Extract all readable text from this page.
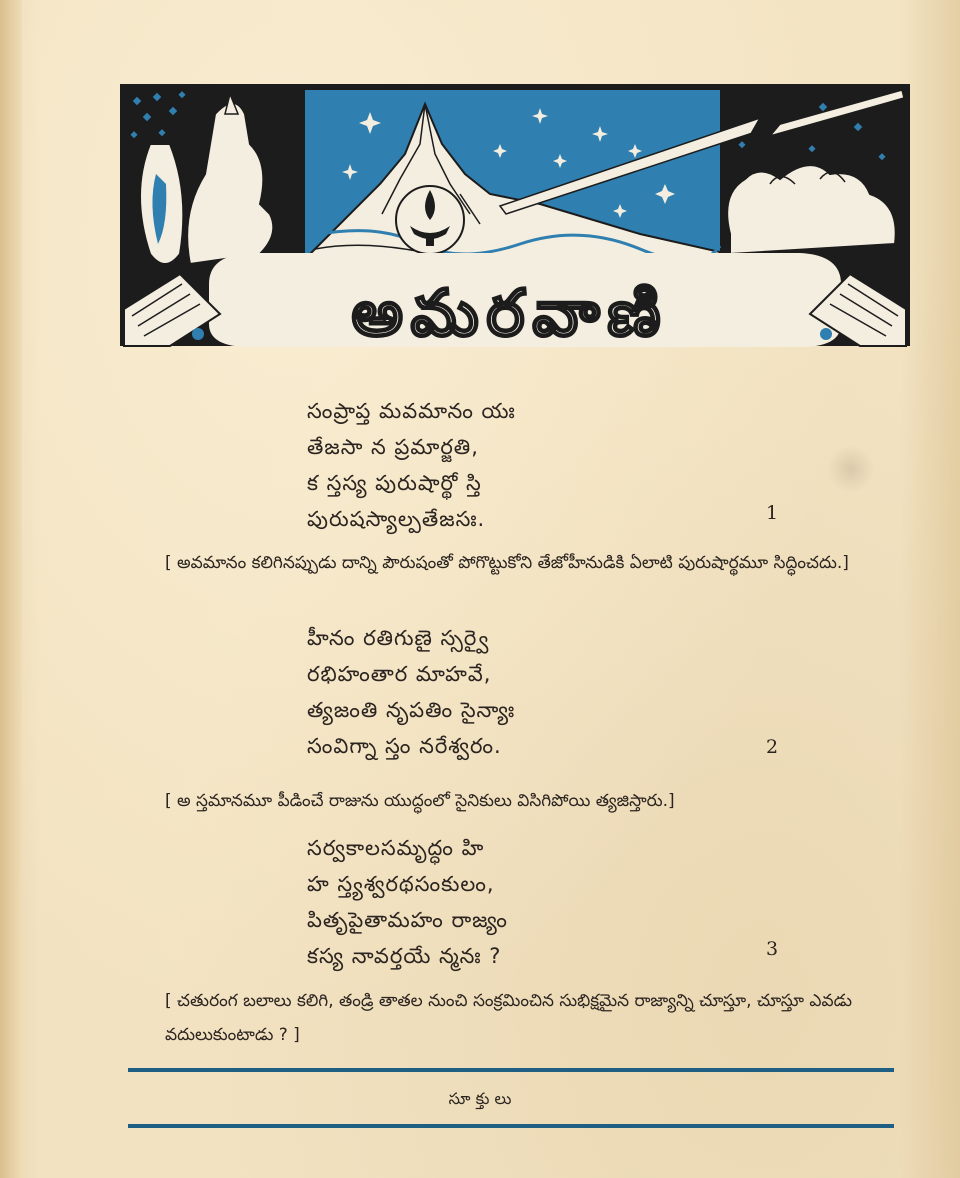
అమరవాణి
సంప్రాప్త మవమానం యః
తేజసా న ప్రమార్జతి,
క స్తస్య పురుషార్థో స్తి
పురుషస్యాల్పతేజసః.	1
[ అవమానం కలిగినప్పుడు దాన్ని పౌరుషంతో పోగొట్టుకోని తేజోహీనుడికి ఏలాటి పురుషార్థమూ సిద్ధించదు.]
హీనం రతిగుణై స్సర్వై
రభిహంతార మాహవే,
త్యజంతి నృపతిం సైన్యాః
సంవిగ్నా స్తం నరేశ్వరం.	2
[ అ స్తమానమూ పీడించే రాజును యుద్ధంలో సైనికులు విసిగిపోయి త్యజిస్తారు.]
సర్వకాలసమృద్ధం హి
హ స్త్యశ్వరథసంకులం,
పితృపైతామహం రాజ్యం
కస్య నావర్తయే న్మనః ?	3
[ చతురంగ బలాలు కలిగి, తండ్రి తాతల నుంచి సంక్రమించిన సుభిక్షమైన రాజ్యాన్ని చూస్తూ, చూస్తూ ఎవడు వదులుకుంటాడు ? ]
సూ క్తు లు
